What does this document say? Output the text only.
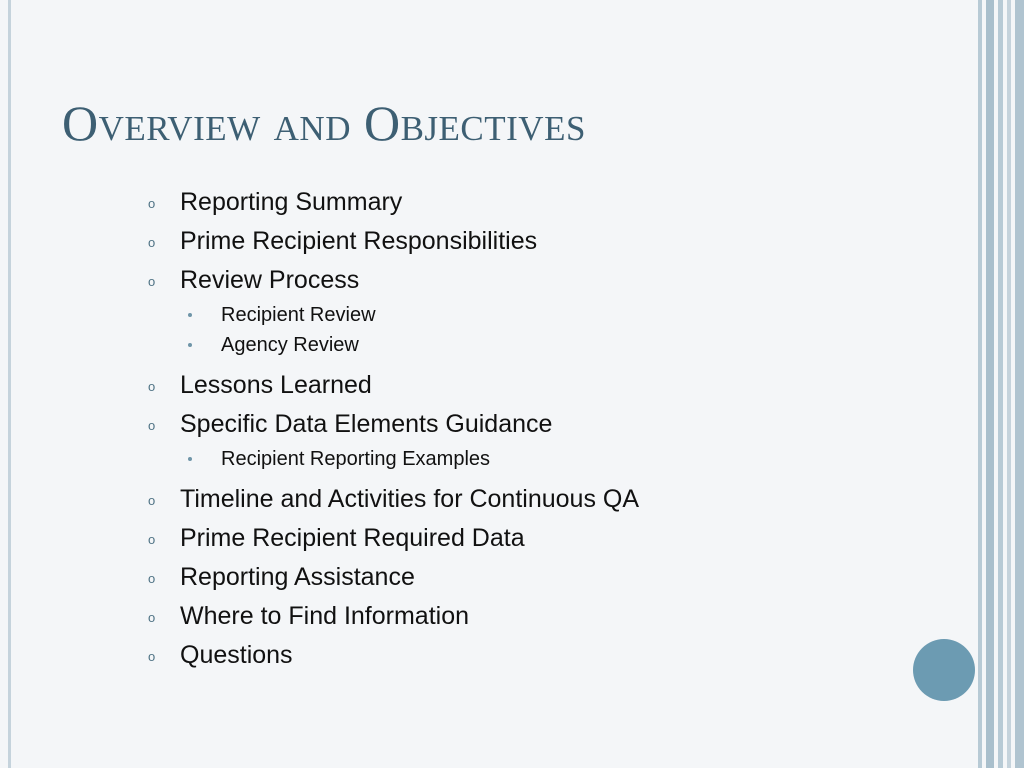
Overview and Objectives
o Reporting Summary
o Prime Recipient Responsibilities
o Review Process
Recipient Review
Agency Review
o Lessons Learned
o Specific Data Elements Guidance
Recipient Reporting Examples
o Timeline and Activities for Continuous QA
o Prime Recipient Required Data
o Reporting Assistance
o Where to Find Information
o Questions
